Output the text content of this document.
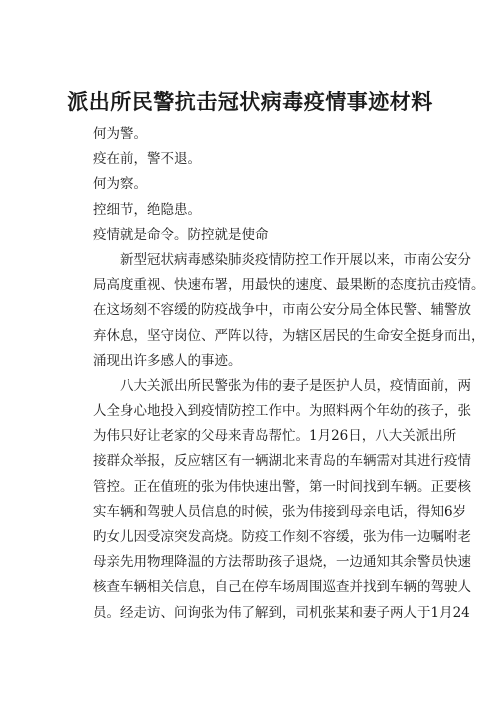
派出所民警抗击冠状病毒疫情事迹材料
何为警。
疫在前，警不退。
何为察。
控细节，绝隐患。
疫情就是命令。防控就是使命
新型冠状病毒感染肺炎疫情防控工作开展以来，市南公安分
局高度重视、快速布署，用最快的速度、最果断的态度抗击疫情。
在这场刻不容缓的防疫战争中，市南公安分局全体民警、辅警放
弃休息，坚守岗位、严阵以待，为辖区居民的生命安全挺身而出，
涌现出许多感人的事迹。
八大关派出所民警张为伟的妻子是医护人员，疫情面前，两
人全身心地投入到疫情防控工作中。为照料两个年幼的孩子，张
为伟只好让老家的父母来青岛帮忙。1月26日，八大关派出所
接群众举报，反应辖区有一辆湖北来青岛的车辆需对其进行疫情
管控。正在值班的张为伟快速出警，第一时间找到车辆。正要核
实车辆和驾驶人员信息的时候，张为伟接到母亲电话，得知6岁
旳女儿因受凉突发高烧。防疫工作刻不容缓，张为伟一边嘱咐老
母亲先用物理降温的方法帮助孩子退烧，一边通知其余警员快速
核查车辆相关信息，自己在停车场周围巡查并找到车辆的驾驶人
员。经走访、问询张为伟了解到，司机张某和妻子两人于1月24
